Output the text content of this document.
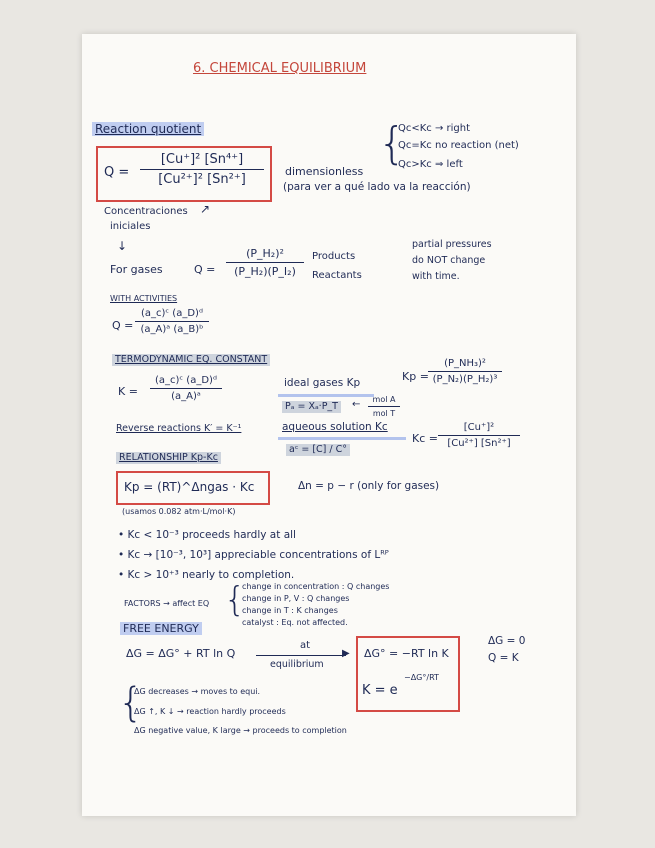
6. CHEMICAL EQUILIBRIUM
Reaction quotient
Q =
[Cu⁺]² [Sn⁴⁺]
[Cu²⁺]² [Sn²⁺]
dimensionless
{
Qc<Kc → right
Qc=Kc no reaction (net)
Qc>Kc ⇒ left
(para ver a qué lado va la reacción)
Concentraciones
iniciales
↗
↓
For gases	Q =
(P_H₂)²
(P_H₂)(P_I₂)
Products
Reactants
partial pressures
do NOT change
with time.
WITH ACTIVITIES
Q =
(a_c)ᶜ (a_D)ᵈ
(a_A)ᵃ (a_B)ᵇ
TERMODYNAMIC EQ. CONSTANT
K =
(a_c)ᶜ (a_D)ᵈ
(a_A)ᵃ
ideal gases Kp
Pₐ = Xₐ·P_T	← mol A
mol T
Kp =
(P_NH₃)²
(P_N₂)(P_H₂)³
Reverse reactions K′ = K⁻¹	aqueous solution Kc
aᶜ = [C] / C°
Kc =
[Cu⁺]²
[Cu²⁺] [Sn²⁺]
RELATIONSHIP Kp-Kc
Kp = (RT)^Δngas · Kc	Δn = p − r (only for gases)
(usamos 0.082 atm·L/mol·K)
• Kc < 10⁻³ proceeds hardly at all
• Kc → [10⁻³, 10³] appreciable concentrations of Lᴿᴾ
• Kc > 10⁺³ nearly to completion.
FACTORS → affect EQ {
change in concentration : Q changes
change in P, V : Q changes
change in T : K changes
catalyst : Eq. not affected.
FREE ENERGY
ΔG = ΔG° + RT ln Q
at
▶
equilibrium
ΔG° = −RT ln K
K = e
−ΔG°/RT
ΔG = 0
Q = K
{
ΔG decreases → moves to equi.
ΔG ↑, K ↓ → reaction hardly proceeds
ΔG negative value, K large → proceeds to completion
